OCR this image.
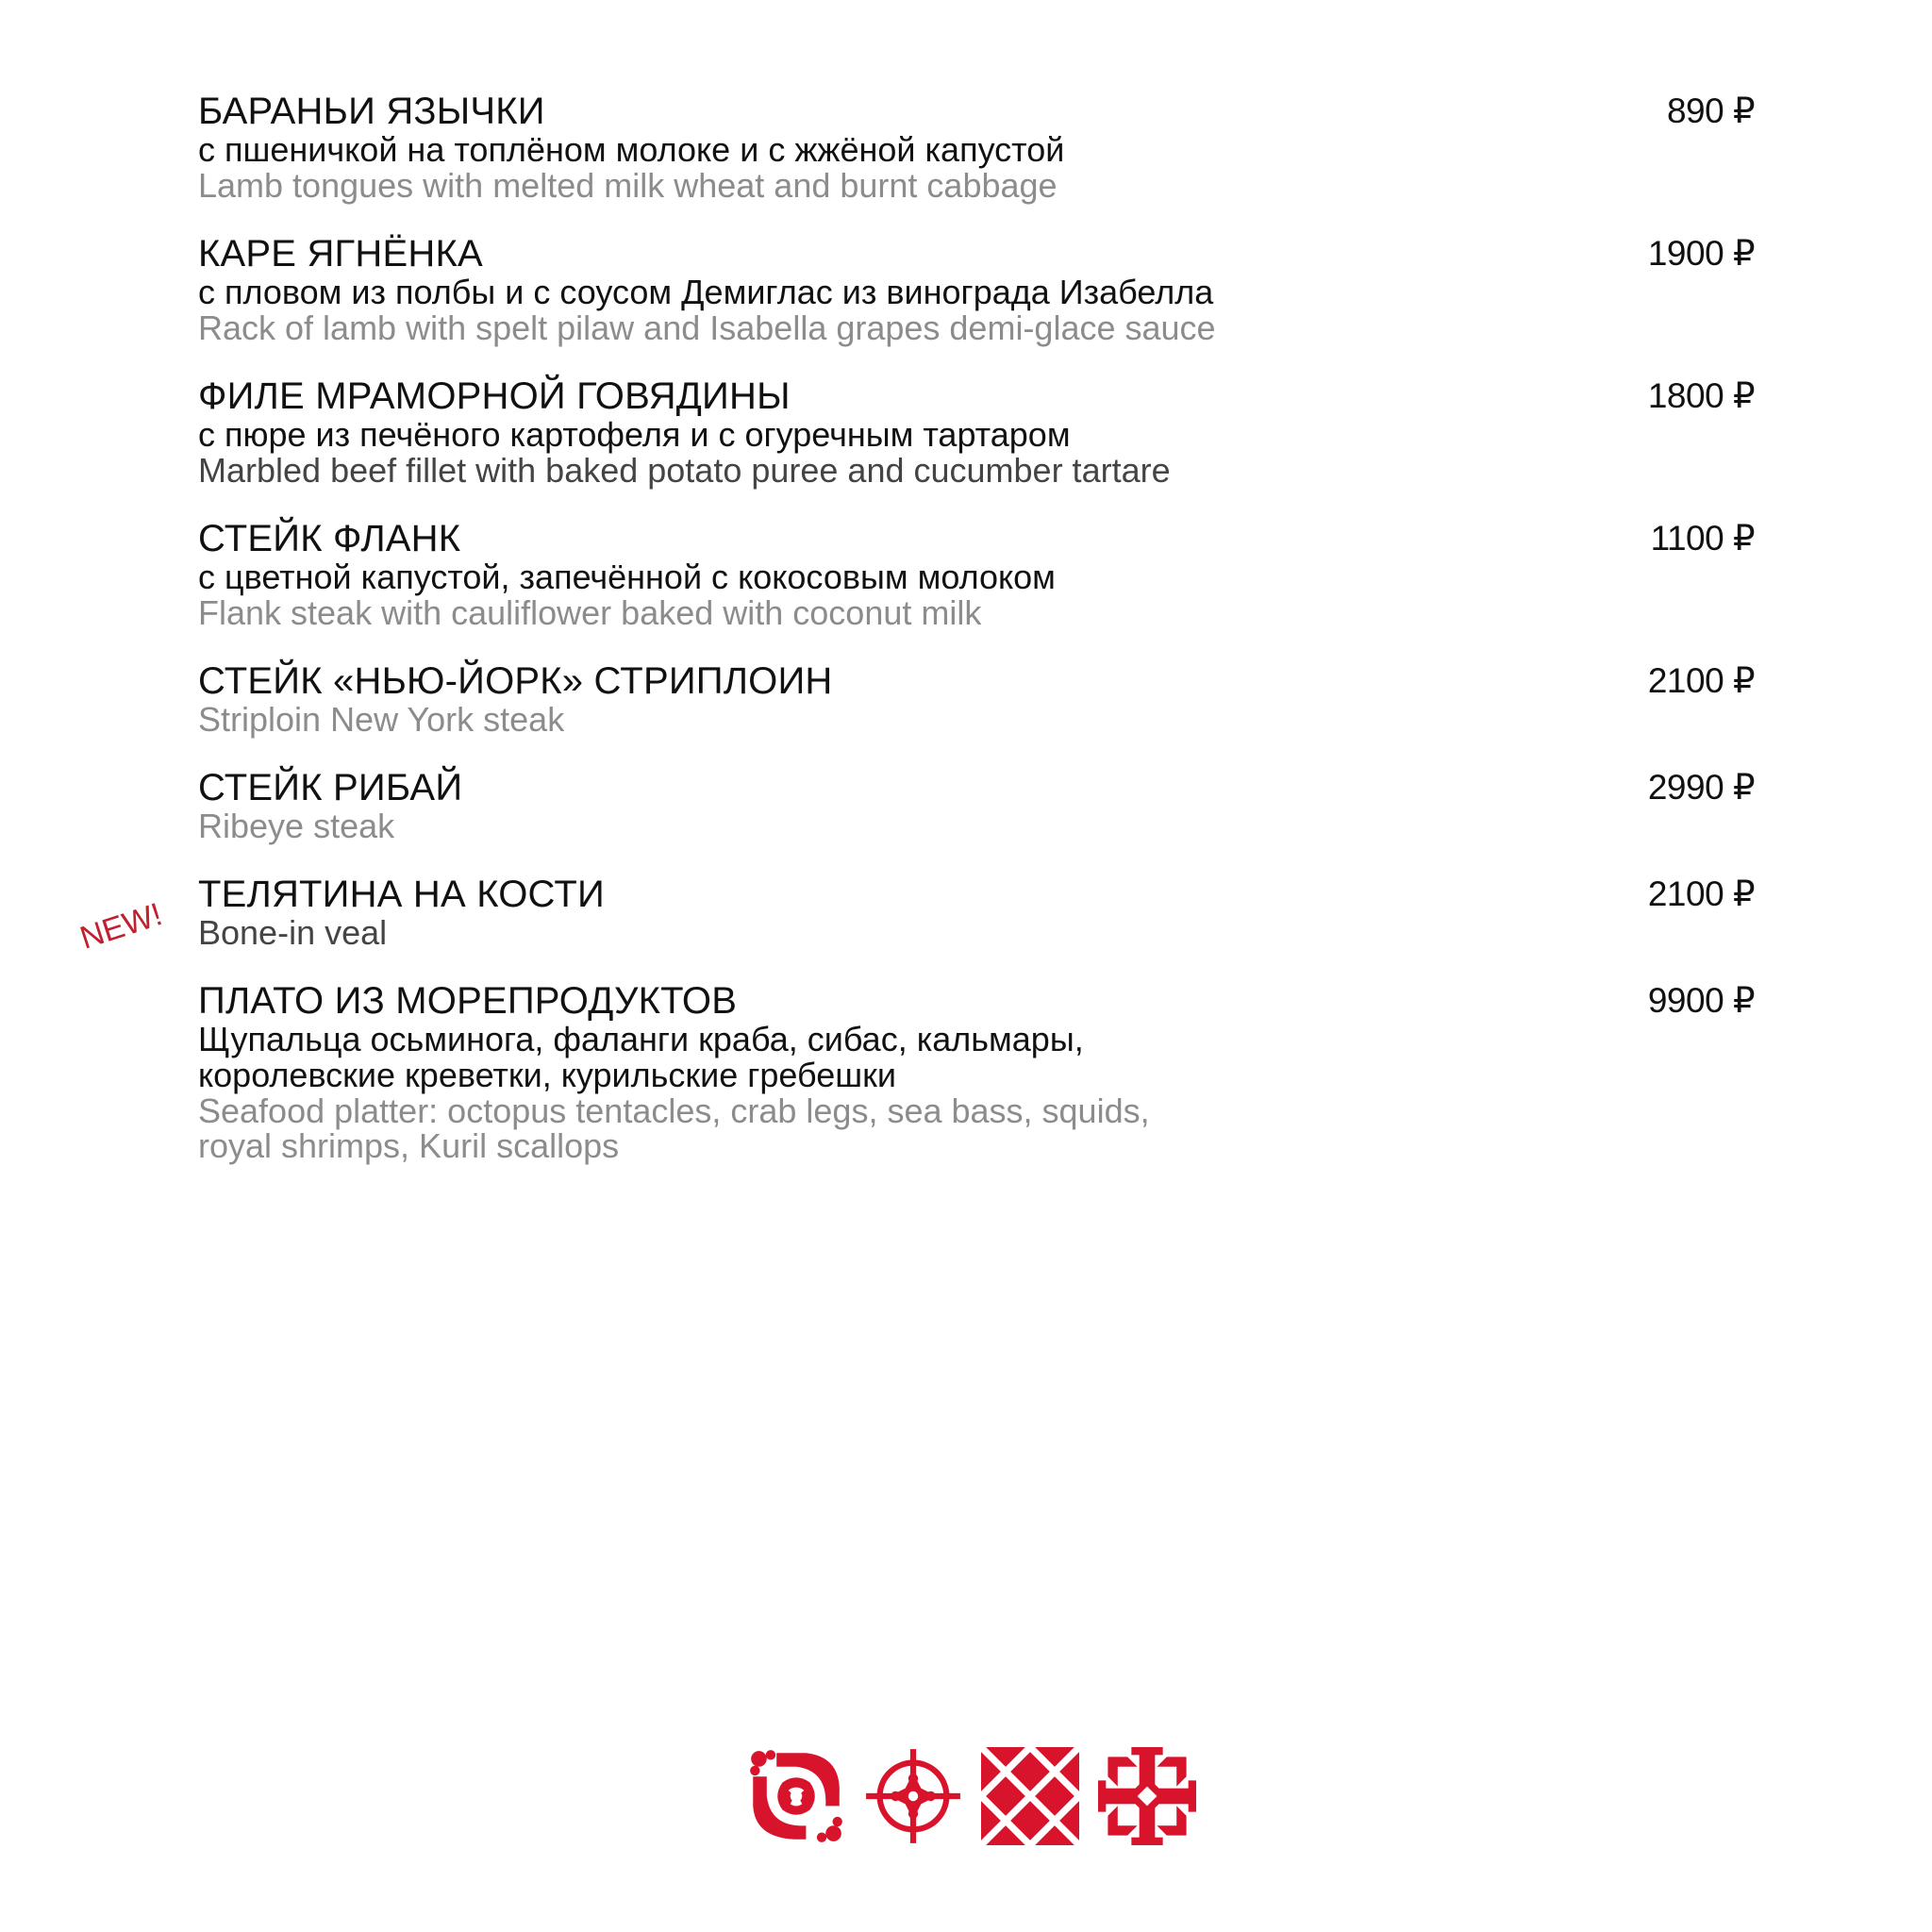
БАРАНЬИ ЯЗЫЧКИ
с пшеничкой на топлёном молоке и с жжёной капустой
Lamb tongues with melted milk wheat and burnt cabbage
890 ₽
КАРЕ ЯГНЁНКА
с пловом из полбы и с соусом Демиглас из винограда Изабелла
Rack of lamb with spelt pilaw and Isabella grapes demi-glace sauce
1900 ₽
ФИЛЕ МРАМОРНОЙ ГОВЯДИНЫ
с пюре из печёного картофеля и с огуречным тартаром
Marbled beef fillet with baked potato puree and cucumber tartare
1800 ₽
СТЕЙК ФЛАНК
с цветной капустой, запечённой с кокосовым молоком
Flank steak with cauliflower baked with coconut milk
1100 ₽
СТЕЙК «НЬЮ-ЙОРК» СТРИПЛОИН
Striploin New York steak
2100 ₽
СТЕЙК РИБАЙ
Ribeye steak
2990 ₽
NEW!
ТЕЛЯТИНА НА КОСТИ
Bone-in veal
2100 ₽
ПЛАТО ИЗ МОРЕПРОДУКТОВ
Щупальца осьминога, фаланги краба, сибас, кальмары,
королевские креветки, курильские гребешки
Seafood platter: octopus tentacles, crab legs, sea bass, squids,
royal shrimps, Kuril scallops
9900 ₽
